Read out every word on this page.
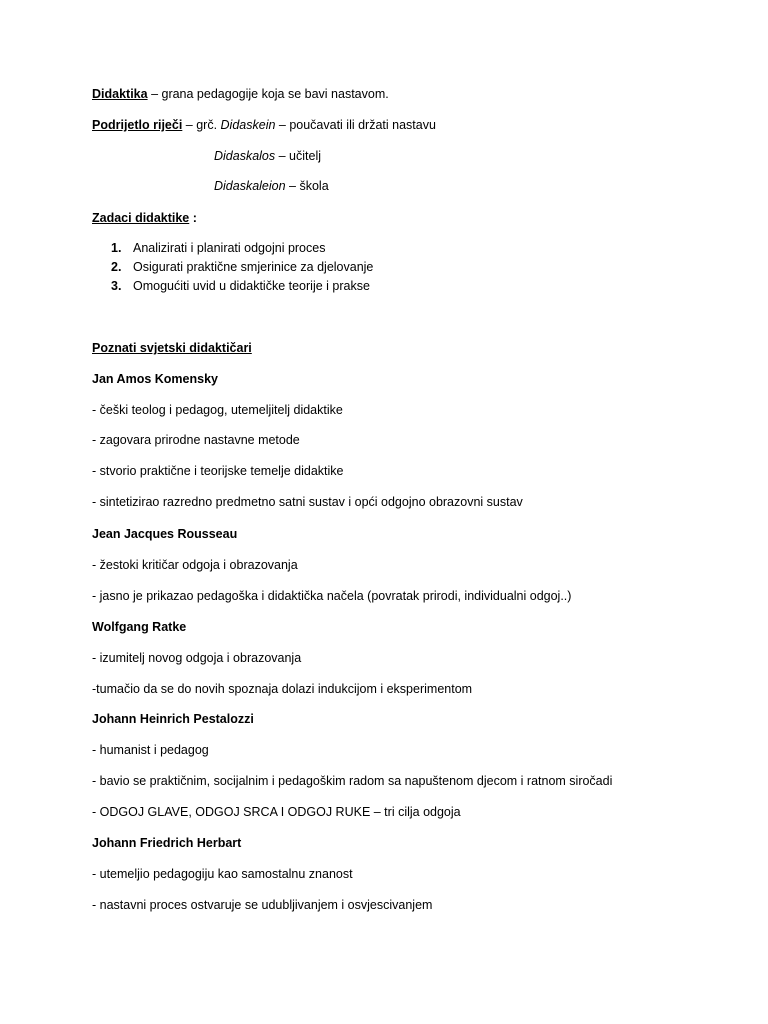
Didaktika – grana pedagogije koja se bavi nastavom.
Podrijetlo riječi – grč. Didaskein – poučavati ili držati nastavu
Didaskalos – učitelj
Didaskaleion – škola
Zadaci didaktike :
1. Analizirati i planirati odgojni proces
2. Osigurati praktične smjerinice za djelovanje
3. Omogućiti uvid u didaktičke teorije i prakse
Poznati svjetski didaktičari
Jan Amos Komensky
- češki teolog i pedagog, utemeljitelj didaktike
- zagovara prirodne nastavne metode
- stvorio praktične i teorijske temelje didaktike
- sintetizirao razredno predmetno satni sustav i opći odgojno obrazovni sustav
Jean Jacques Rousseau
- žestoki kritičar odgoja i obrazovanja
- jasno je prikazao pedagoška i didaktička načela (povratak prirodi, individualni odgoj..)
Wolfgang Ratke
- izumitelj novog odgoja i obrazovanja
-tumačio da se do novih spoznaja dolazi indukcijom i eksperimentom
Johann Heinrich Pestalozzi
- humanist i pedagog
- bavio se praktičnim, socijalnim i pedagoškim radom sa napuštenom djecom i ratnom siročadi
- ODGOJ GLAVE, ODGOJ SRCA I ODGOJ RUKE – tri cilja odgoja
Johann Friedrich Herbart
- utemeljio pedagogiju kao samostalnu znanost
- nastavni proces ostvaruje se udubljivanjem i osvjescivanjem
